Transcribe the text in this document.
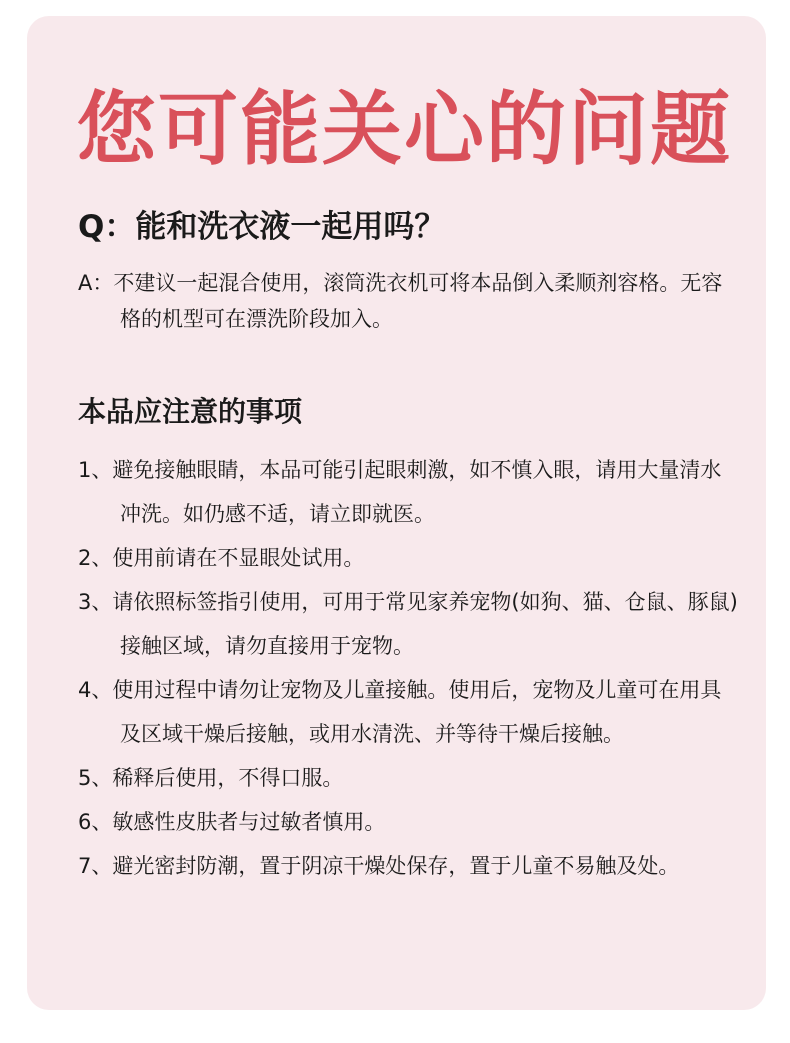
您可能关心的问题
Q：能和洗衣液一起用吗？
A：不建议一起混合使用，滚筒洗衣机可将本品倒入柔顺剂容格。无容格的机型可在漂洗阶段加入。
本品应注意的事项
1、避免接触眼睛，本品可能引起眼刺激，如不慎入眼，请用大量清水冲洗。如仍感不适，请立即就医。
2、使用前请在不显眼处试用。
3、请依照标签指引使用，可用于常见家养宠物(如狗、猫、仓鼠、豚鼠)接触区域，请勿直接用于宠物。
4、使用过程中请勿让宠物及儿童接触。使用后，宠物及儿童可在用具及区域干燥后接触，或用水清洗、并等待干燥后接触。
5、稀释后使用，不得口服。
6、敏感性皮肤者与过敏者慎用。
7、避光密封防潮，置于阴凉干燥处保存，置于儿童不易触及处。
